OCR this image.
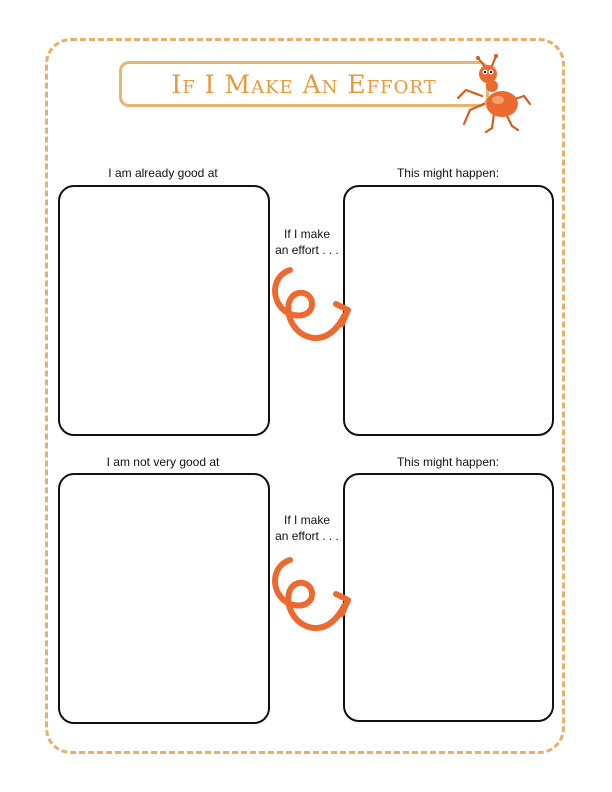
If I Make An Effort
I am already good at	This might happen:
If I make
an effort . . .
I am not very good at	This might happen:
If I make
an effort . . .
